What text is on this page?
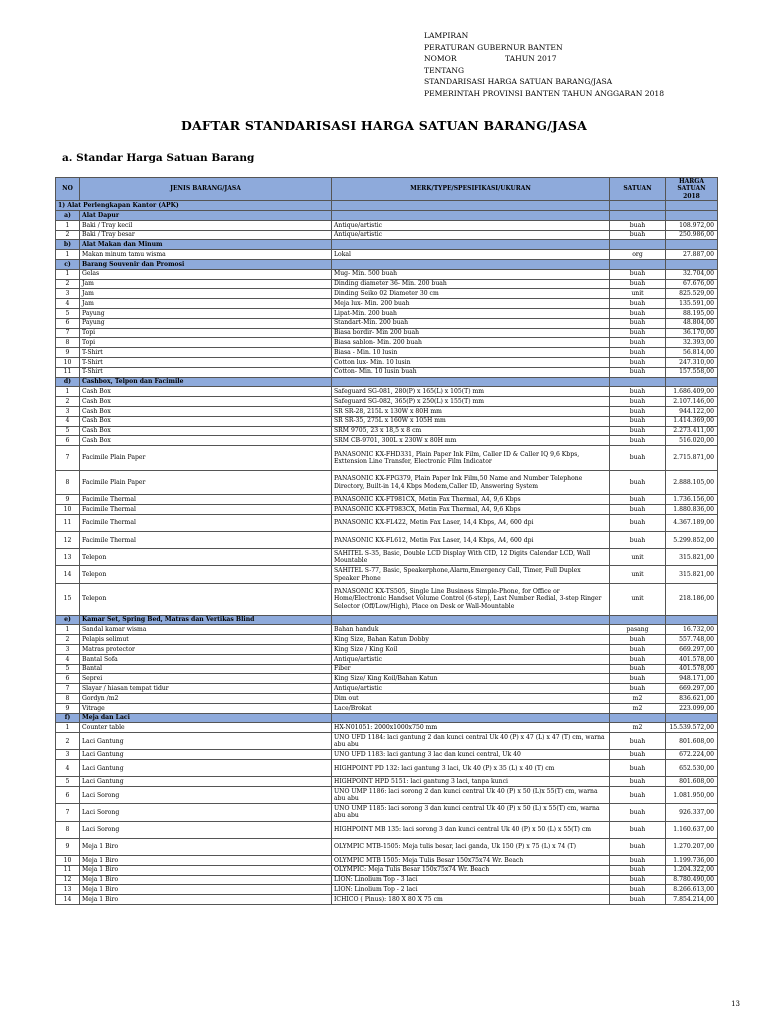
LAMPIRAN
PERATURAN GUBERNUR BANTEN
NOMOR	TAHUN 2017
TENTANG
STANDARISASI HARGA SATUAN BARANG/JASA
PEMERINTAH PROVINSI BANTEN TAHUN ANGGARAN 2018
DAFTAR STANDARISASI HARGA SATUAN BARANG/JASA
a. Standar Harga Satuan Barang
NO	JENIS BARANG/JASA	MERK/TYPE/SPESIFIKASI/UKURAN	SATUAN	HARGA SATUAN 2018
1) Alat Perlengkapan Kantor (APK)				
a)	Alat Dapur			
1	Baki / Tray kecil	Antique/artistic	buah	108.972,00
2	Baki / Tray besar	Antique/artistic	buah	250.986,00
b)	Alat Makan dan Minum			
1	Makan minum tamu wisma	Lokal	org	27.887,00
c)	Barang Souvenir dan Promosi			
1	Gelas	Mug- Min. 500 buah	buah	32.704,00
2	Jam	Dinding diameter 36- Min. 200 buah	buah	67.676,00
3	Jam	Dinding Seiko 02 Diameter 30 cm	unit	825.529,00
4	Jam	Meja lux- Min. 200 buah	buah	135.591,00
5	Payung	Lipat-Min. 200 buah	buah	88.195,00
6	Payung	Standart-Min. 200 buah	buah	48.804,00
7	Topi	Biasa bordir- Min 200 buah	buah	36.170,00
8	Topi	Biasa sablon- Min. 200 buah	buah	32.393,00
9	T-Shirt	Biasa - Min. 10 lusin	buah	56.814,00
10	T-Shirt	Cotton lux- Min. 10 lusin	buah	247.310,00
11	T-Shirt	Cotton- Min. 10 lusin buah	buah	157.558,00
d)	Cashbox, Telpon dan Facimile			
1	Cash Box	Safeguard SG-081, 280(P) x 165(L) x 105(T) mm	buah	1.686.409,00
2	Cash Box	Safeguard SG-082, 365(P) x 250(L) x 155(T) mm	buah	2.107.146,00
3	Cash Box	SR SR-28, 215L x 130W x 80H mm	buah	944.122,00
4	Cash Box	SR SR-35, 275L x 160W x 105H mm	buah	1.414.369,00
5	Cash Box	SRM 9705, 23 x 18,5 x 8 cm	buah	2.273.411,00
6	Cash Box	SRM CB-9701, 300L x 230W x 80H mm	buah	516.020,00
7	Facimile Plain Paper	PANASONIC KX-FHD331, Plain Paper Ink Film, Caller ID & Caller IQ 9,6 Kbps, Exttension Line Transfer, Electronic Film Indicator	buah	2.715.871,00
8	Facimile Plain Paper	PANASONIC KX-FPG379, Plain Paper Ink Film,50 Name and Number Telephone Directory, Built-in 14,4 Kbps Modem,Caller ID, Answering System	buah	2.888.105,00
9	Facimile Thermal	PANASONIC KX-FT981CX, Metin Fax Thermal, A4, 9,6 Kbps	buah	1.736.156,00
10	Facimile Thermal	PANASONIC KX-FT983CX, Metin Fax Thermal, A4, 9,6 Kbps	buah	1.880.836,00
11	Facimile Thermal	PANASONIC KX-FL422, Metin Fax Laser, 14,4 Kbps, A4, 600 dpi	buah	4.367.189,00
12	Facimile Thermal	PANASONIC KX-FL612, Metin Fax Laser, 14,4 Kbps, A4, 600 dpi	buah	5.299.852,00
13	Telepon	SAHITEL S-35, Basic, Double LCD Display With CID, 12 Digits Calendar LCD, Wall Mountable	unit	315.821,00
14	Telepon	SAHITEL S-77, Basic, Speakerphone,Alarm,Emergency Call, Timer, Full Duplex Speaker Phone	unit	315.821,00
15	Telepon	PANASONIC KX-TS505, Single Line Business Simple-Phone, for Office or Home/Electronic Handset Volume Control (6-step), Last Number Redial, 3-step Ringer Selector (Off/Low/High), Place on Desk or Wall-Mountable	unit	218.186,00
e)	Kamar Set, Spring Bed, Matras dan Vertikas Blind			
1	Sandal kamar wisma	Bahan handuk	pasang	16.732,00
2	Pelapis selimut	King Size, Bahan Katun Dobby	buah	557.748,00
3	Matras protector	King Size / King Koil	buah	669.297,00
4	Bantal Sofa	Antique/artistic	buah	401.578,00
5	Bantal	Fiber	buah	401.578,00
6	Seprei	King Size/ King Koil/Bahan Katun	buah	948.171,00
7	Slayar / hiasan tempat tidur	Antique/artistic	buah	669.297,00
8	Gordyn /m2	Dim out	m2	836.621,00
9	Vitrage	Lace/Brokat	m2	223.099,00
f)	Meja dan Laci			
1	Counter table	HX-N01051: 2000x1000x750 mm	m2	15.539.572,00
2	Laci Gantung	UNO UFD 1184: laci gantung 2 dan kunci central Uk 40 (P) x 47 (L) x 47 (T) cm, warna abu abu	buah	801.608,00
3	Laci Gantung	UNO UFD 1183: laci gantung 3 lac dan kunci central, Uk 40	buah	672.224,00
4	Laci Gantung	HIGHPOINT PD 132: laci gantung 3 laci, Uk 40 (P) x 35 (L) x 40 (T) cm	buah	652.530,00
5	Laci Gantung	HIGHPOINT HPD 5151: laci gantung 3 laci, tanpa kunci	buah	801.608,00
6	Laci Sorong	UNO UMP 1186: laci sorong 2 dan kunci central Uk 40 (P) x 50 (L)x 55(T) cm, warna abu abu	buah	1.081.950,00
7	Laci Sorong	UNO UMP 1185: laci sorong 3 dan kunci central Uk 40 (P) x 50 (L) x 55(T) cm, warna abu abu	buah	926.337,00
8	Laci Sorong	HIGHPOINT MB 135: laci sorong 3 dan kunci central Uk 40 (P) x 50 (L) x 55(T) cm	buah	1.160.637,00
9	Meja 1 Biro	OLYMPIC MTB-1505: Meja tulis besar, laci ganda, Uk 150 (P) x 75 (L) x 74 (T)	buah	1.270.207,00
10	Meja 1 Biro	OLYMPIC MTB 1505: Meja Tulis Besar 150x75x74 Wr. Beach	buah	1.199.736,00
11	Meja 1 Biro	OLYMPIC: Meja Tulis Besar 150x75x74 Wr. Beach	buah	1.204.322,00
12	Meja 1 Biro	LION: Linolium Top - 3 laci	buah	8.780.490,00
13	Meja 1 Biro	LION: Linolium Top - 2 laci	buah	8.266.613,00
14	Meja 1 Biro	ICHICO ( Pinus): 180 X 80 X 75 cm	buah	7.854.214,00
13
